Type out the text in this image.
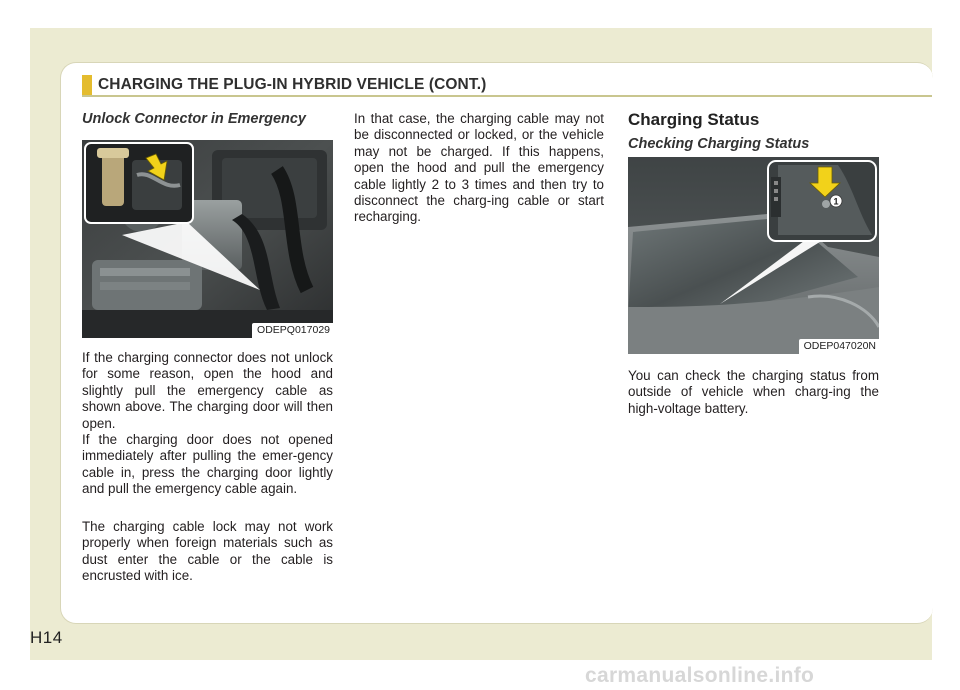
CHARGING THE PLUG-IN HYBRID VEHICLE (CONT.)
Unlock Connector in Emergency
ODEPQ017029
If the charging connector does not unlock for some reason, open the hood and slightly pull the emergency cable as shown above. The charging door will then open.
If the charging door does not opened immediately after pulling the emer-gency cable in, press the charging door lightly and pull the emergency cable again.
The charging cable lock may not work properly when foreign materials such as dust enter the cable or the cable is encrusted with ice.
In that case, the charging cable may not be disconnected or locked, or the vehicle may not be charged. If this happens, open the hood and pull the emergency cable lightly 2 to 3 times and then try to disconnect the charg-ing cable or start recharging.
Charging Status
Checking Charging Status
1
ODEP047020N
You can check the charging status from outside of vehicle when charg-ing the high-voltage battery.
H14
carmanualsonline.info
